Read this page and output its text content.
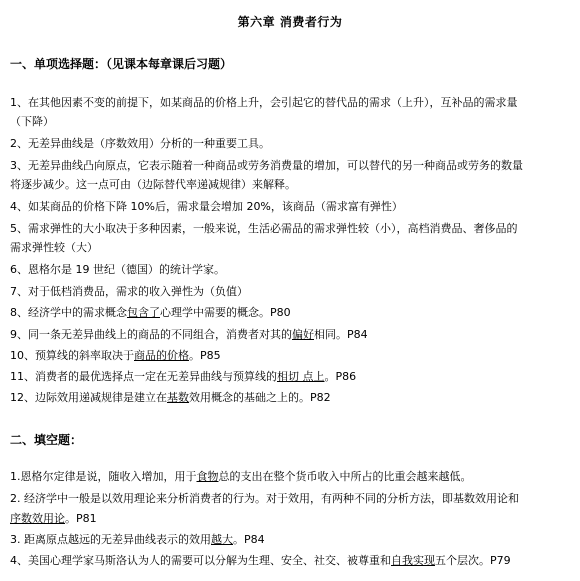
第六章 消费者行为
一、单项选择题：（见课本每章课后习题）
1、在其他因素不变的前提下，如某商品的价格上升，会引起它的替代品的需求（上升），互补品的需求量
（下降）
2、无差异曲线是（序数效用）分析的一种重要工具。
3、无差异曲线凸向原点，它表示随着一种商品或劳务消费量的增加，可以替代的另一种商品或劳务的数量
将逐步减少。这一点可由（边际替代率递减规律）来解释。
4、如某商品的价格下降 10%后，需求量会增加 20%，该商品（需求富有弹性）
5、需求弹性的大小取决于多种因素，一般来说，生活必需品的需求弹性较（小），高档消费品、奢侈品的
需求弹性较（大）
6、恩格尔是 19 世纪（德国）的统计学家。
7、对于低档消费品，需求的收入弹性为（负值）
8、经济学中的需求概念包含了心理学中需要的概念。P80
9、同一条无差异曲线上的商品的不同组合，消费者对其的偏好相同。P84
10、预算线的斜率取决于商品的价格。P85
11、消费者的最优选择点一定在无差异曲线与预算线的相切 点上。P86
12、边际效用递减规律是建立在基数效用概念的基础之上的。P82
二、填空题：
1.恩格尔定律是说，随收入增加，用于食物总的支出在整个货币收入中所占的比重会越来越低。
2. 经济学中一般是以效用理论来分析消费者的行为。对于效用，有两种不同的分析方法，即基数效用论和
序数效用论。P81
3. 距离原点越远的无差异曲线表示的效用越大。P84
4、美国心理学家马斯洛认为人的需要可以分解为生理、安全、社交、被尊重和自我实现五个层次。P79
